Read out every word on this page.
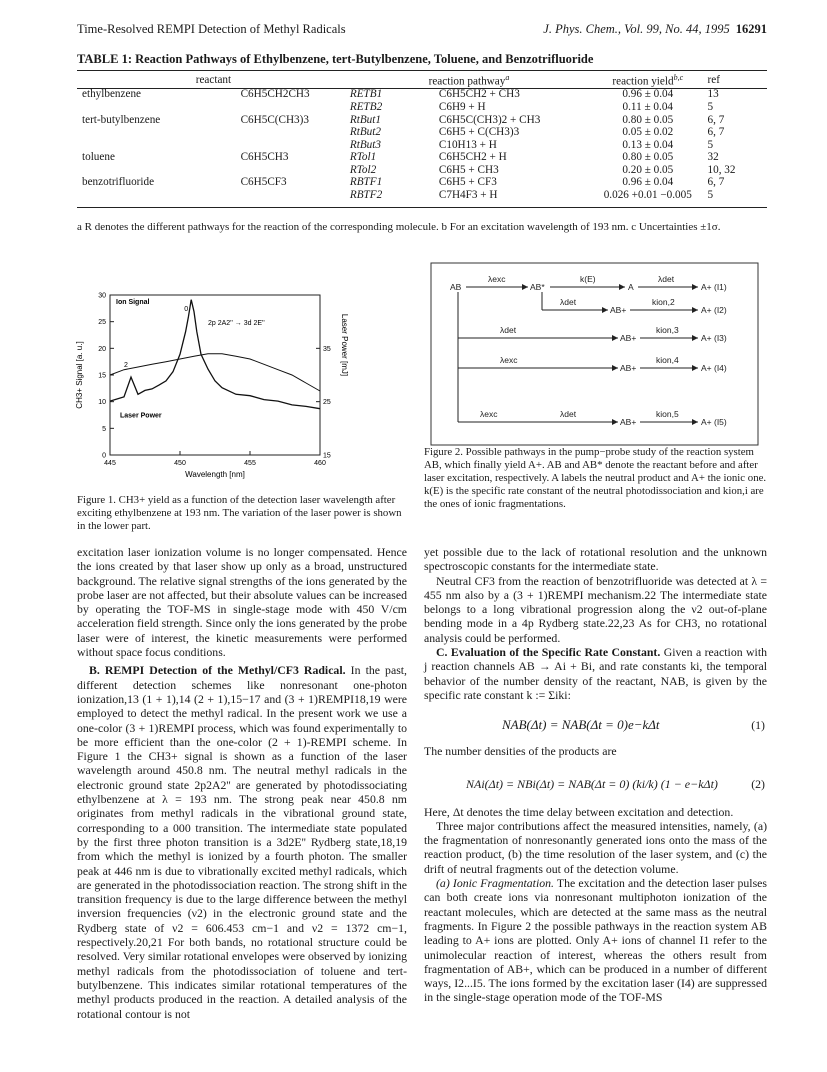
Time-Resolved REMPI Detection of Methyl Radicals	J. Phys. Chem., Vol. 99, No. 44, 1995 16291
TABLE 1: Reaction Pathways of Ethylbenzene, tert-Butylbenzene, Toluene, and Benzotrifluoride
reactant		reaction pathway$^a$		reaction yield$^{b,c}$	ref
ethylbenzene	C6H5CH2CH3	RETB1	C6H5CH2 + CH3	0.96 ± 0.04	13
		RETB2	C6H9 + H	0.11 ± 0.04	5
tert-butylbenzene	C6H5C(CH3)3	RtBut1	C6H5C(CH3)2 + CH3	0.80 ± 0.05	6, 7
		RtBut2	C6H5 + C(CH3)3	0.05 ± 0.02	6, 7
		RtBut3	C10H13 + H	0.13 ± 0.04	5
toluene	C6H5CH3	RTol1	C6H5CH2 + H	0.80 ± 0.05	32
		RTol2	C6H5 + CH3	0.20 ± 0.05	10, 32
benzotrifluoride	C6H5CF3	RBTF1	C6H5 + CF3	0.96 ± 0.04	6, 7
		RBTF2	C7H4F3 + H	0.026 +0.01 −0.005	5
a R denotes the different pathways for the reaction of the corresponding molecule. b For an excitation wavelength of 193 nm. c Uncertainties ±1σ.
445	450	455	460
0
5
10
15
20
25
30
15
25
35
Wavelength [nm]
CH3+ Signal [a. u.]	Laser Power [mJ]
Ion Signal
Laser Power
0
2p 2A2'' → 3d 2E''
2
Figure 1. CH3+ yield as a function of the detection laser wavelength after exciting ethylbenzene at 193 nm. The variation of the laser power is shown in the lower part.
AB
λexc
AB*
k(E)
A
λdet
A+ (I1)
λdet
AB+
kion,2
A+ (I2)
λdet
AB+
kion,3
A+ (I3)
λexc
AB+
kion,4
A+ (I4)
λexc	λdet
AB+
kion,5
A+ (I5)
Figure 2. Possible pathways in the pump−probe study of the reaction system AB, which finally yield A+. AB and AB* denote the reactant before and after laser excitation, respectively. A labels the neutral product and A+ the ionic one. k(E) is the specific rate constant of the neutral photodissociation and kion,i are the ones of ionic fragmentations.

excitation laser ionization volume is no longer compensated. Hence the ions created by that laser show up only as a broad, unstructured background. The relative signal strengths of the ions generated by the probe laser are not affected, but their absolute values can be increased by operating the TOF-MS in single-stage mode with 450 V/cm acceleration field strength. Since only the ions generated by the probe laser were of interest, the kinetic measurements were performed without space focus conditions.

B. REMPI Detection of the Methyl/CF3 Radical. In the past, different detection schemes like nonresonant one-photon ionization,13 (1 + 1),14 (2 + 1),15−17 and (3 + 1)REMPI18,19 were employed to detect the methyl radical. In the present work we use a one-color (3 + 1)REMPI process, which was found experimentally to be more efficient than the one-color (2 + 1)-REMPI scheme. In Figure 1 the CH3+ signal is shown as a function of the laser wavelength around 450.8 nm. The neutral methyl radicals in the electronic ground state 2p2A2'' are generated by photodissociating ethylbenzene at λ = 193 nm. The strong peak near 450.8 nm originates from methyl radicals in the vibrational ground state, corresponding to a 000 transition. The intermediate state populated by the first three photon transition is a 3d2E'' Rydberg state,18,19 from which the methyl is ionized by a fourth photon. The smaller peak at 446 nm is due to vibrationally excited methyl radicals, which are generated in the photodissociation reaction. The strong shift in the transition frequency is due to the large difference between the methyl inversion frequencies (ν2) in the electronic ground state and the Rydberg state of ν2 = 606.453 cm−1 and ν2 = 1372 cm−1, respectively.20,21 For both bands, no rotational structure could be resolved. Very similar rotational envelopes were observed by ionizing methyl radicals from the photodissociation of toluene and tert-butylbenzene. This indicates similar rotational temperatures of the methyl products produced in the reaction. A detailed analysis of the rotational contour is not

yet possible due to the lack of rotational resolution and the unknown spectroscopic constants for the intermediate state.

Neutral CF3 from the reaction of benzotrifluoride was detected at λ = 455 nm also by a (3 + 1)REMPI mechanism.22 The intermediate state belongs to a long vibrational progression along the ν2 out-of-plane bending mode in a 4p Rydberg state.22,23 As for CH3, no rotational analysis could be performed.

C. Evaluation of the Specific Rate Constant. Given a reaction with j reaction channels AB → Ai + Bi, and rate constants ki, the temporal behavior of the number density of the reactant, NAB, is given by the specific rate constant k := Σiki:

NAB(Δt) = NAB(Δt = 0)e−kΔt	(1)

The number densities of the products are

NAi(Δt) = NBi(Δt) = NAB(Δt = 0) (ki/k) (1 − e−kΔt)	(2)

Here, Δt denotes the time delay between excitation and detection.

Three major contributions affect the measured intensities, namely, (a) the fragmentation of nonresonantly generated ions onto the mass of the reaction product, (b) the time resolution of the laser system, and (c) the drift of neutral fragments out of the detection volume.

(a) Ionic Fragmentation. The excitation and the detection laser pulses can both create ions via nonresonant multiphoton ionization of the reactant molecules, which are detected at the same mass as the neutral fragments. In Figure 2 the possible pathways in the reaction system AB leading to A+ ions are plotted. Only A+ ions of channel I1 refer to the unimolecular reaction of interest, whereas the others result from fragmentation of AB+, which can be produced in a number of different ways, I2...I5. The ions formed by the excitation laser (I4) are suppressed in the single-stage operation mode of the TOF-MS
